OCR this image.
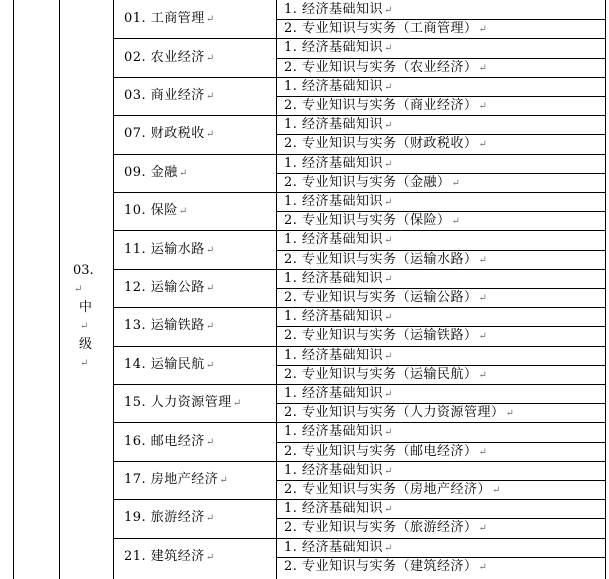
03.
↵
中
↵
级
↵
01. 工商管理↵
1. 经济基础知识↵
2. 专业知识与实务（工商管理）↵
02. 农业经济↵
1. 经济基础知识↵
2. 专业知识与实务（农业经济）↵
03. 商业经济↵
1. 经济基础知识↵
2. 专业知识与实务（商业经济）↵
07. 财政税收↵
1. 经济基础知识↵
2. 专业知识与实务（财政税收）↵
09. 金融↵
1. 经济基础知识↵
2. 专业知识与实务（金融）↵
10. 保险↵
1. 经济基础知识↵
2. 专业知识与实务（保险）↵
11. 运输水路↵
1. 经济基础知识↵
2. 专业知识与实务（运输水路）↵
12. 运输公路↵
1. 经济基础知识↵
2. 专业知识与实务（运输公路）↵
13. 运输铁路↵
1. 经济基础知识↵
2. 专业知识与实务（运输铁路）↵
14. 运输民航↵
1. 经济基础知识↵
2. 专业知识与实务（运输民航）↵
15. 人力资源管理↵
1. 经济基础知识↵
2. 专业知识与实务（人力资源管理）↵
16. 邮电经济↵
1. 经济基础知识↵
2. 专业知识与实务（邮电经济）↵
17. 房地产经济↵
1. 经济基础知识↵
2. 专业知识与实务（房地产经济）↵
19. 旅游经济↵
1. 经济基础知识↵
2. 专业知识与实务（旅游经济）↵
21. 建筑经济↵
1. 经济基础知识↵
2. 专业知识与实务（建筑经济）↵
